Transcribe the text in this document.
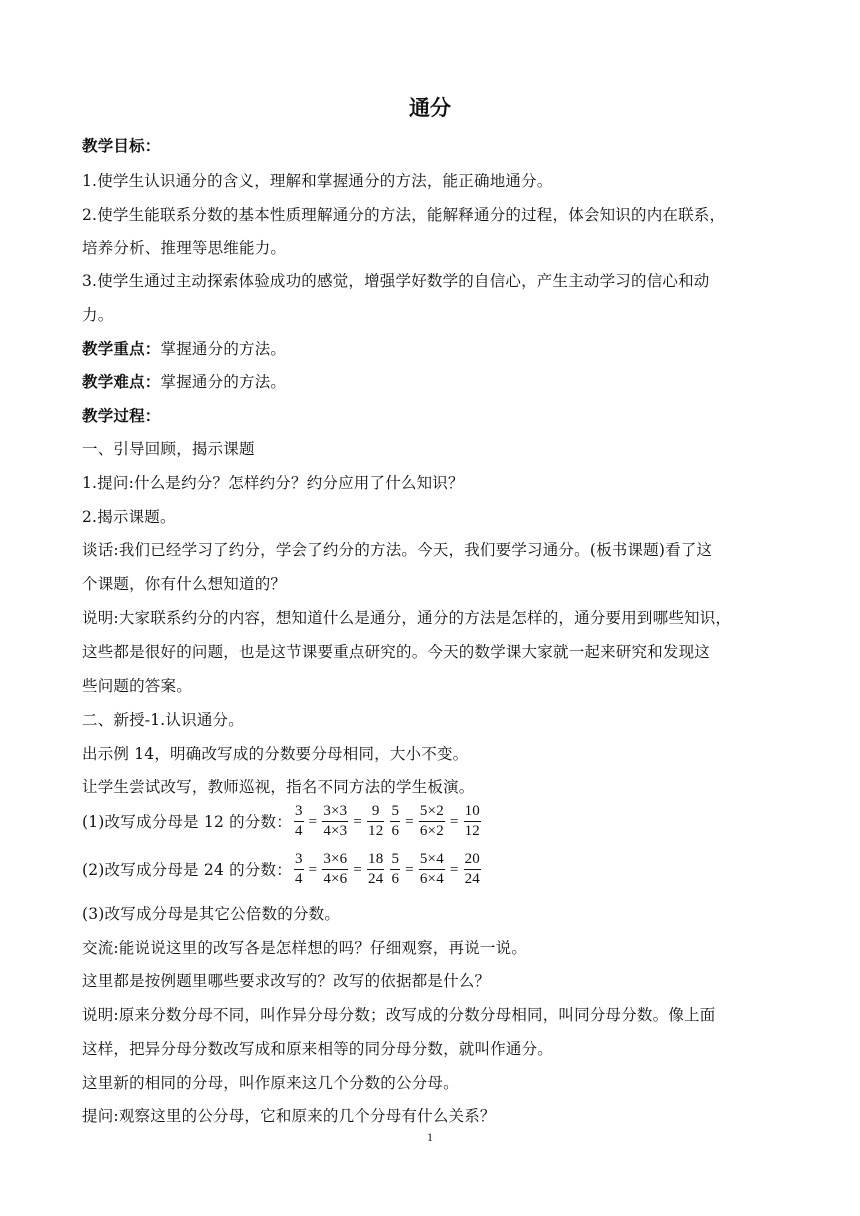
通分
教学目标：
1.使学生认识通分的含义，理解和掌握通分的方法，能正确地通分。
2.使学生能联系分数的基本性质理解通分的方法，能解释通分的过程，体会知识的内在联系，
培养分析、推理等思维能力。
3.使学生通过主动探索体验成功的感觉，增强学好数学的自信心，产生主动学习的信心和动
力。
教学重点：掌握通分的方法。
教学难点：掌握通分的方法。
教学过程：
一、引导回顾，揭示课题
1.提问:什么是约分？怎样约分？约分应用了什么知识？
2.揭示课题。
谈话:我们已经学习了约分，学会了约分的方法。今天，我们要学习通分。(板书课题)看了这
个课题，你有什么想知道的？
说明:大家联系约分的内容，想知道什么是通分，通分的方法是怎样的，通分要用到哪些知识，
这些都是很好的问题，也是这节课要重点研究的。今天的数学课大家就一起来研究和发现这
些问题的答案。
二、新授-1.认识通分。
出示例 14，明确改写成的分数要分母相同，大小不变。
让学生尝试改写，教师巡视，指名不同方法的学生板演。
(1)改写成分母是 12 的分数： $\frac{3}{4} = \frac{3\times 3}{4\times 3} = \frac{9}{12} \frac{5}{6} = \frac{5\times 2}{6\times 2} = \frac{10}{12}$
(2)改写成分母是 24 的分数： $\frac{3}{4} = \frac{3\times 6}{4\times 6} = \frac{18}{24} \frac{5}{6} = \frac{5\times 4}{6\times 4} = \frac{20}{24}$
(3)改写成分母是其它公倍数的分数。
交流:能说说这里的改写各是怎样想的吗？仔细观察，再说一说。
这里都是按例题里哪些要求改写的？改写的依据都是什么？
说明:原来分数分母不同，叫作异分母分数；改写成的分数分母相同，叫同分母分数。像上面
这样，把异分母分数改写成和原来相等的同分母分数，就叫作通分。
这里新的相同的分母，叫作原来这几个分数的公分母。
提问:观察这里的公分母，它和原来的几个分母有什么关系？
1
